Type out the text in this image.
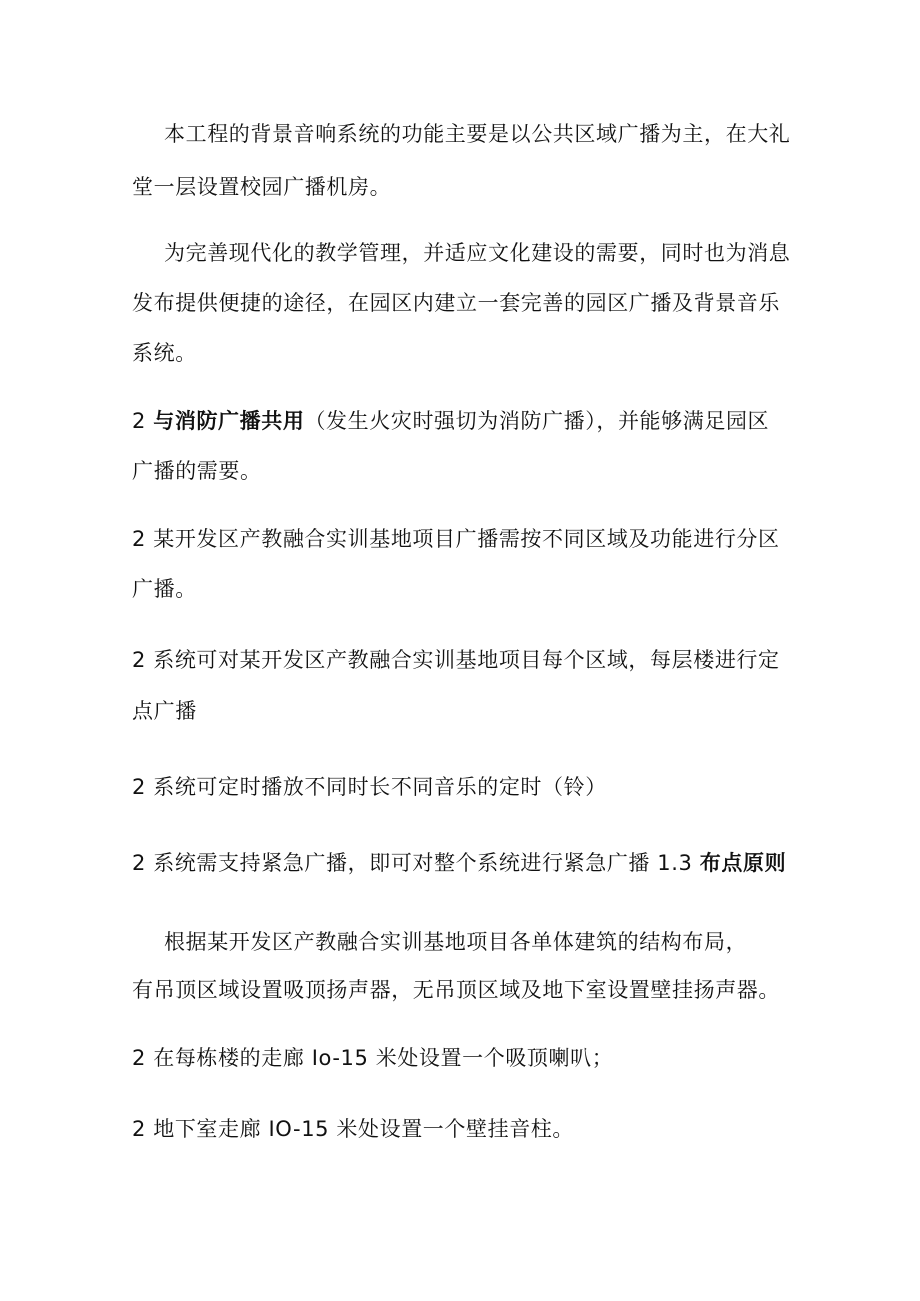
本工程的背景音响系统的功能主要是以公共区域广播为主，在大礼
堂一层设置校园广播机房。
为完善现代化的教学管理，并适应文化建设的需要，同时也为消息
发布提供便捷的途径，在园区内建立一套完善的园区广播及背景音乐
系统。
2 与消防广播共用（发生火灾时强切为消防广播），并能够满足园区
广播的需要。
2 某开发区产教融合实训基地项目广播需按不同区域及功能进行分区
广播。
2 系统可对某开发区产教融合实训基地项目每个区域，每层楼进行定
点广播
2 系统可定时播放不同时长不同音乐的定时（铃）
2 系统需支持紧急广播，即可对整个系统进行紧急广播 1.3 布点原则
根据某开发区产教融合实训基地项目各单体建筑的结构布局，
有吊顶区域设置吸顶扬声器，无吊顶区域及地下室设置壁挂扬声器。
2 在每栋楼的走廊 Io-15 米处设置一个吸顶喇叭；
2 地下室走廊 IO-15 米处设置一个壁挂音柱。
